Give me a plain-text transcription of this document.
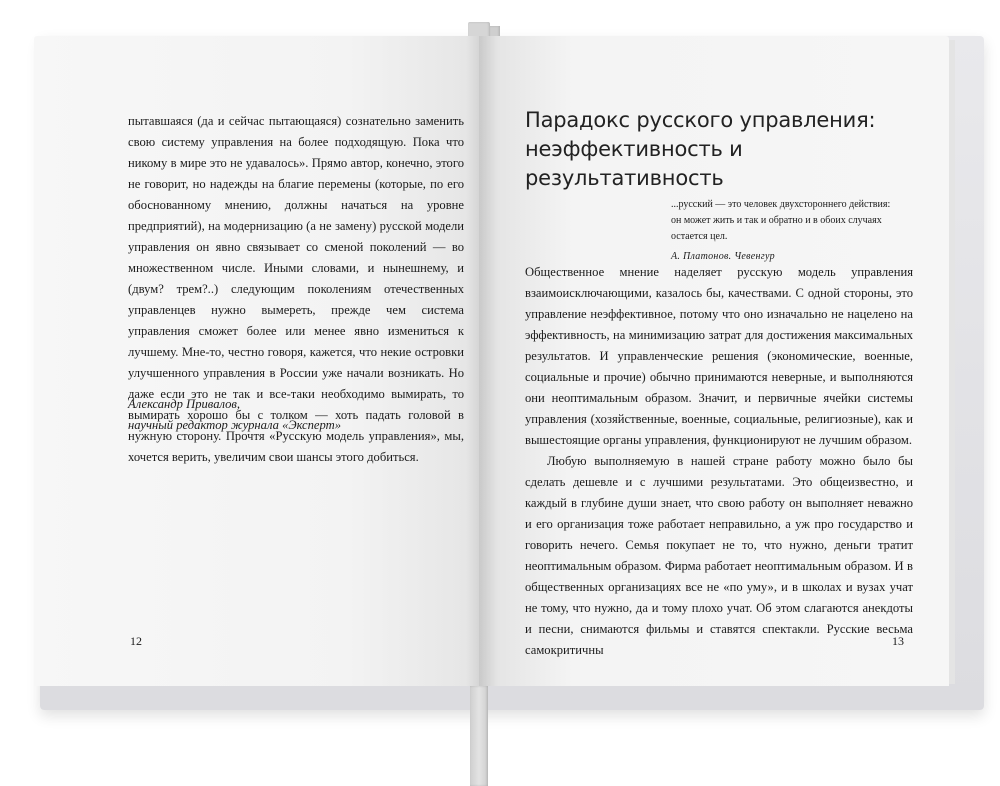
пытавшаяся (да и сейчас пытающаяся) сознательно заменить свою систему управления на более подходящую. Пока что никому в мире это не удавалось». Прямо автор, конечно, этого не говорит, но надежды на благие перемены (которые, по его обоснованному мнению, должны начаться на уровне предприятий), на модернизацию (а не замену) русской модели управления он явно связывает со сменой поколений — во множественном числе. Иными словами, и нынешнему, и (двум? трем?..) следующим поколениям отечественных управленцев нужно вымереть, прежде чем система управления сможет более или менее явно измениться к лучшему. Мне-то, честно говоря, кажется, что некие островки улучшенного управления в России уже начали возникать. Но даже если это не так и все-таки необходимо вымирать, то вымирать хорошо бы с толком — хоть падать головой в нужную сторону. Прочтя «Русскую модель управления», мы, хочется верить, увеличим свои шансы этого добиться.

Александр Привалов,
научный редактор журнала «Эксперт»
12
Парадокс русского управления: неэффективность и результативность

...русский — это человек двухстороннего действия: он может жить и так и обратно и в обоих случаях остается цел.

А. Платонов. Чевенгур

Общественное мнение наделяет русскую модель управления взаимоисключающими, казалось бы, качествами. С одной стороны, это управление неэффективное, потому что оно изначально не нацелено на эффективность, на минимизацию затрат для достижения максимальных результатов. И управленческие решения (экономические, военные, социальные и прочие) обычно принимаются неверные, и выполняются они неоптимальным образом. Значит, и первичные ячейки системы управления (хозяйственные, военные, социальные, религиозные), как и вышестоящие органы управления, функционируют не лучшим образом.

Любую выполняемую в нашей стране работу можно было бы сделать дешевле и с лучшими результатами. Это общеизвестно, и каждый в глубине души знает, что свою работу он выполняет неважно и его организация тоже работает неправильно, а уж про государство и говорить нечего. Семья покупает не то, что нужно, деньги тратит неоптимальным образом. Фирма работает неоптимальным образом. И в общественных организациях все не «по уму», и в школах и вузах учат не тому, что нужно, да и тому плохо учат. Об этом слагаются анекдоты и песни, снимаются фильмы и ставятся спектакли. Русские весьма самокритичны

13
